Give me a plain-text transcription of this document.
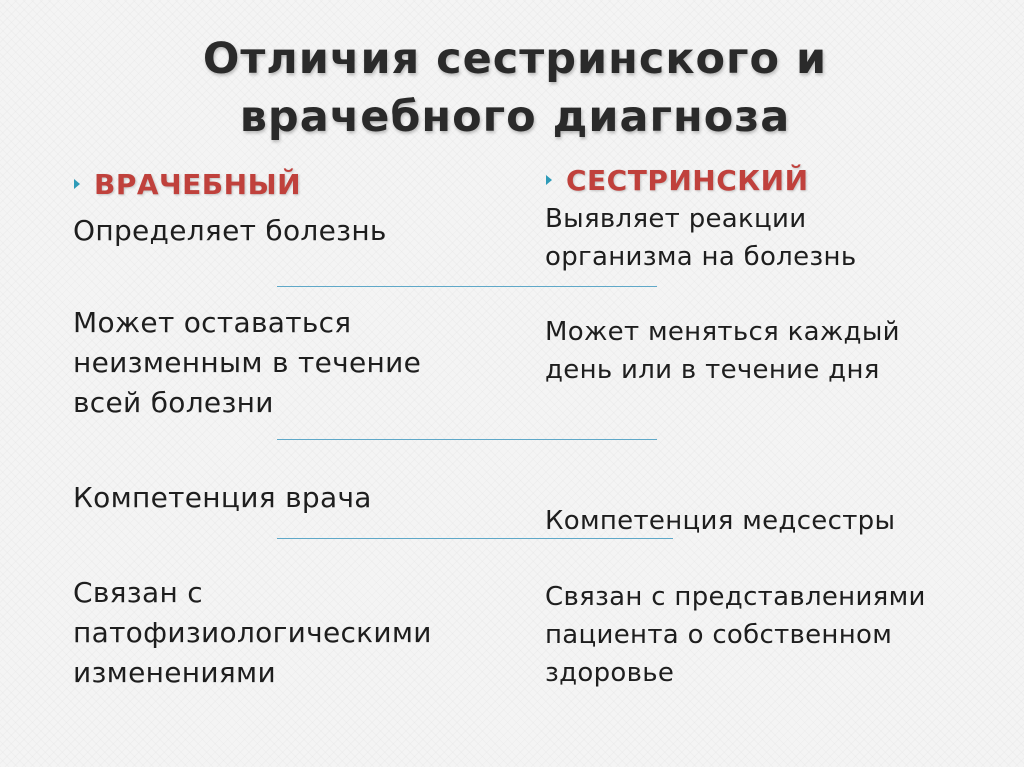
Отличия сестринского и
врачебного диагноза
ВРАЧЕБНЫЙ	СЕСТРИНСКИЙ
Определяет болезнь
Может оставаться
неизменным в течение
всей болезни
Компетенция врача
Связан с
патофизиологическими
изменениями
Выявляет реакции
организма на болезнь
Может меняться каждый
день или в течение дня
Компетенция медсестры
Связан с представлениями
пациента о собственном
здоровье
